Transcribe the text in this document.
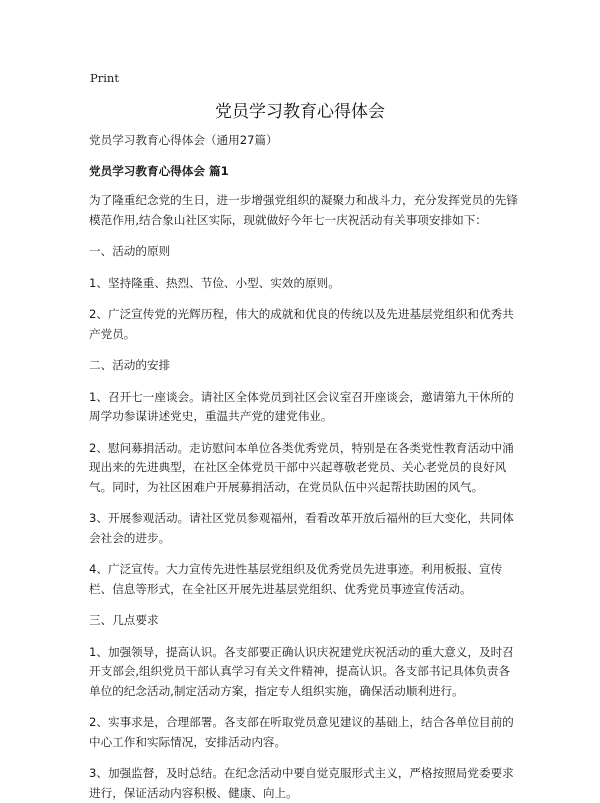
Print
党员学习教育心得体会

党员学习教育心得体会（通用27篇）

党员学习教育心得体会 篇1

为了隆重纪念党的生日，进一步增强党组织的凝聚力和战斗力，充分发挥党员的先锋模范作用,结合象山社区实际，现就做好今年七一庆祝活动有关事项安排如下：

一、活动的原则

1、坚持隆重、热烈、节俭、小型、实效的原则。

2、广泛宣传党的光辉历程，伟大的成就和优良的传统以及先进基层党组织和优秀共产党员。

二、活动的安排

1、召开七一座谈会。请社区全体党员到社区会议室召开座谈会，邀请第九干休所的周学功参谋讲述党史，重温共产党的建党伟业。

2、慰问募捐活动。走访慰问本单位各类优秀党员，特别是在各类党性教育活动中涌现出来的先进典型，在社区全体党员干部中兴起尊敬老党员、关心老党员的良好风气。同时，为社区困难户开展募捐活动，在党员队伍中兴起帮扶助困的风气。

3、开展参观活动。请社区党员参观福州，看看改革开放后福州的巨大变化，共同体会社会的进步。

4、广泛宣传。大力宣传先进性基层党组织及优秀党员先进事迹。利用板报、宣传栏、信息等形式，在全社区开展先进基层党组织、优秀党员事迹宣传活动。

三、几点要求

1、加强领导，提高认识。各支部要正确认识庆祝建党庆祝活动的重大意义，及时召开支部会,组织党员干部认真学习有关文件精神，提高认识。各支部书记具体负责各单位的纪念活动,制定活动方案，指定专人组织实施，确保活动顺利进行。

2、实事求是，合理部署。各支部在听取党员意见建议的基础上，结合各单位目前的中心工作和实际情况，安排活动内容。

3、加强监督，及时总结。在纪念活动中要自觉克服形式主义，严格按照局党委要求进行，保证活动内容积极、健康、向上。
